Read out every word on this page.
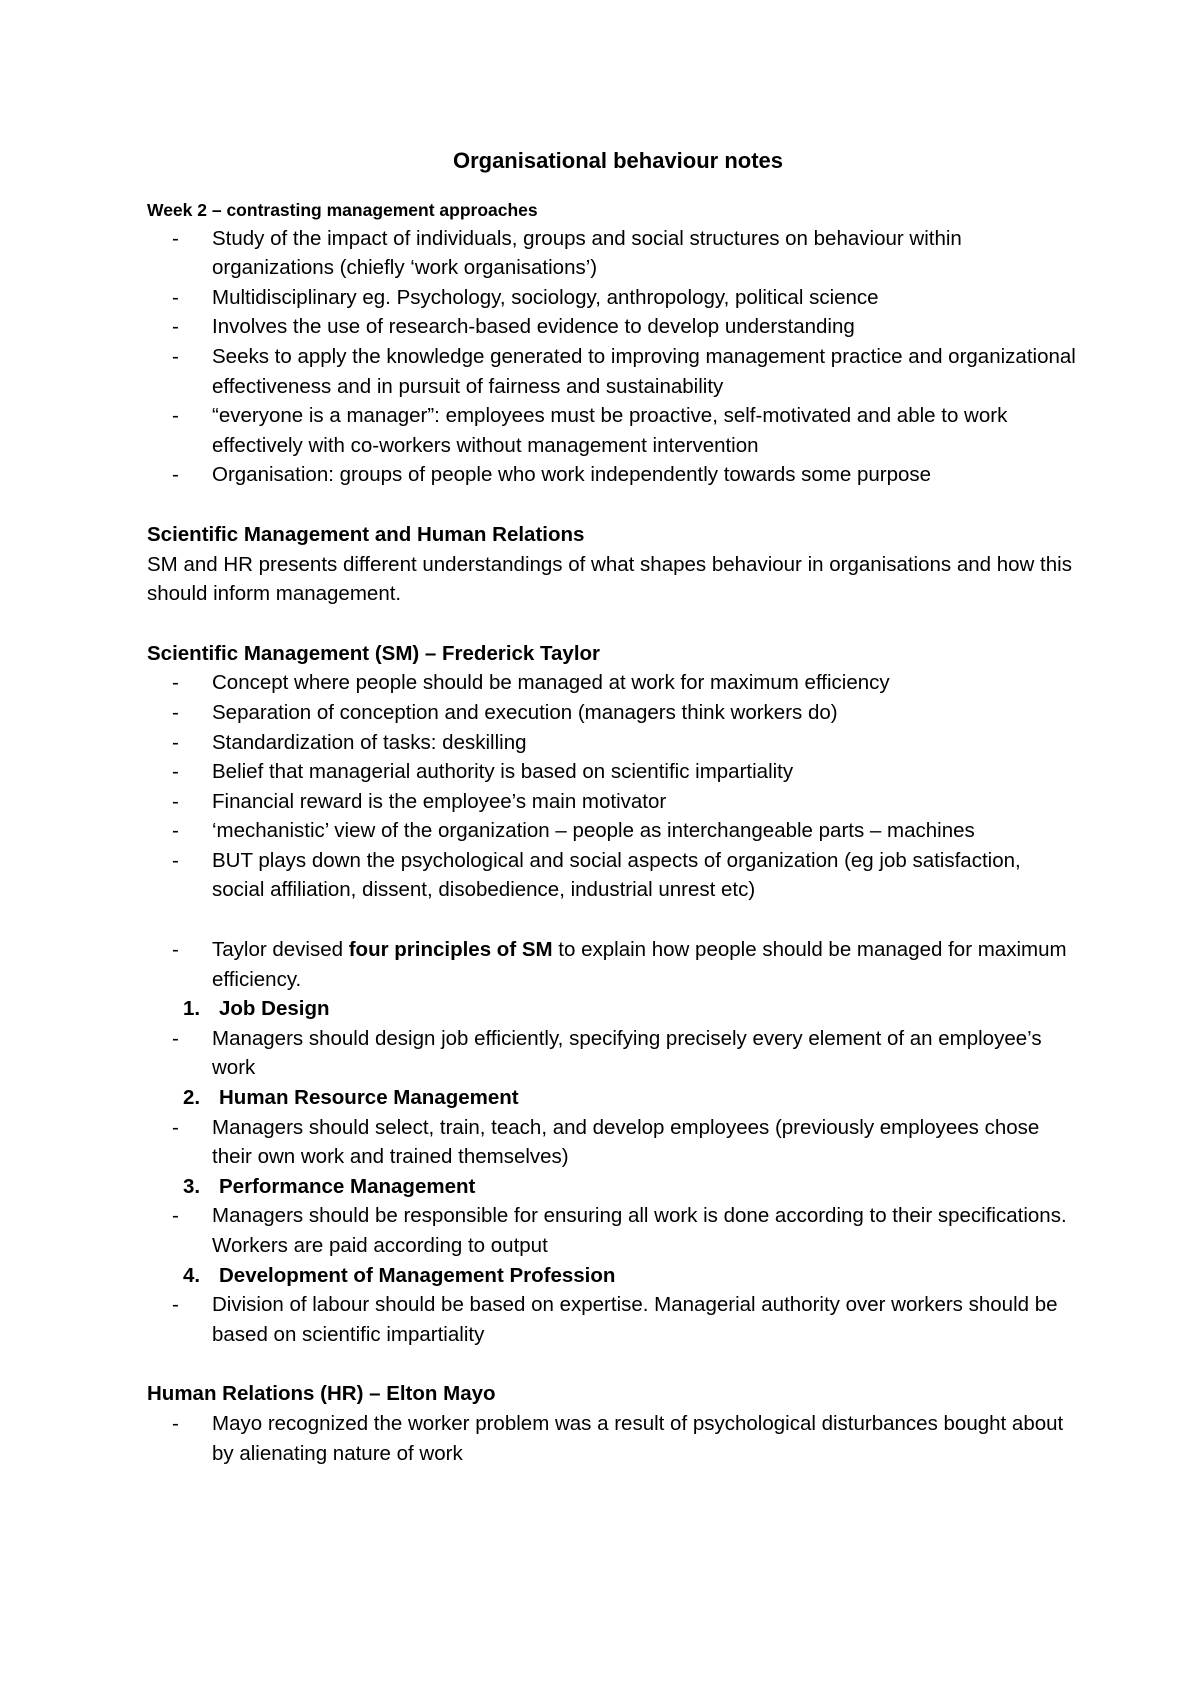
Organisational behaviour notes

Week 2 – contrasting management approaches

- Study of the impact of individuals, groups and social structures on behaviour within organizations (chiefly ‘work organisations’)
- Multidisciplinary eg. Psychology, sociology, anthropology, political science
- Involves the use of research-based evidence to develop understanding
- Seeks to apply the knowledge generated to improving management practice and organizational effectiveness and in pursuit of fairness and sustainability
- “everyone is a manager”: employees must be proactive, self-motivated and able to work effectively with co-workers without management intervention
- Organisation: groups of people who work independently towards some purpose

Scientific Management and Human Relations

SM and HR presents different understandings of what shapes behaviour in organisations and how this should inform management.

Scientific Management (SM) – Frederick Taylor

- Concept where people should be managed at work for maximum efficiency
- Separation of conception and execution (managers think workers do)
- Standardization of tasks: deskilling
- Belief that managerial authority is based on scientific impartiality
- Financial reward is the employee’s main motivator
- ‘mechanistic’ view of the organization – people as interchangeable parts – machines
- BUT plays down the psychological and social aspects of organization (eg job satisfaction, social affiliation, dissent, disobedience, industrial unrest etc)
- Taylor devised four principles of SM to explain how people should be managed for maximum efficiency.

1. Job Design

- Managers should design job efficiently, specifying precisely every element of an employee’s work

2. Human Resource Management

- Managers should select, train, teach, and develop employees (previously employees chose their own work and trained themselves)

3. Performance Management

- Managers should be responsible for ensuring all work is done according to their specifications. Workers are paid according to output

4. Development of Management Profession

- Division of labour should be based on expertise. Managerial authority over workers should be based on scientific impartiality

Human Relations (HR) – Elton Mayo

- Mayo recognized the worker problem was a result of psychological disturbances bought about by alienating nature of work
